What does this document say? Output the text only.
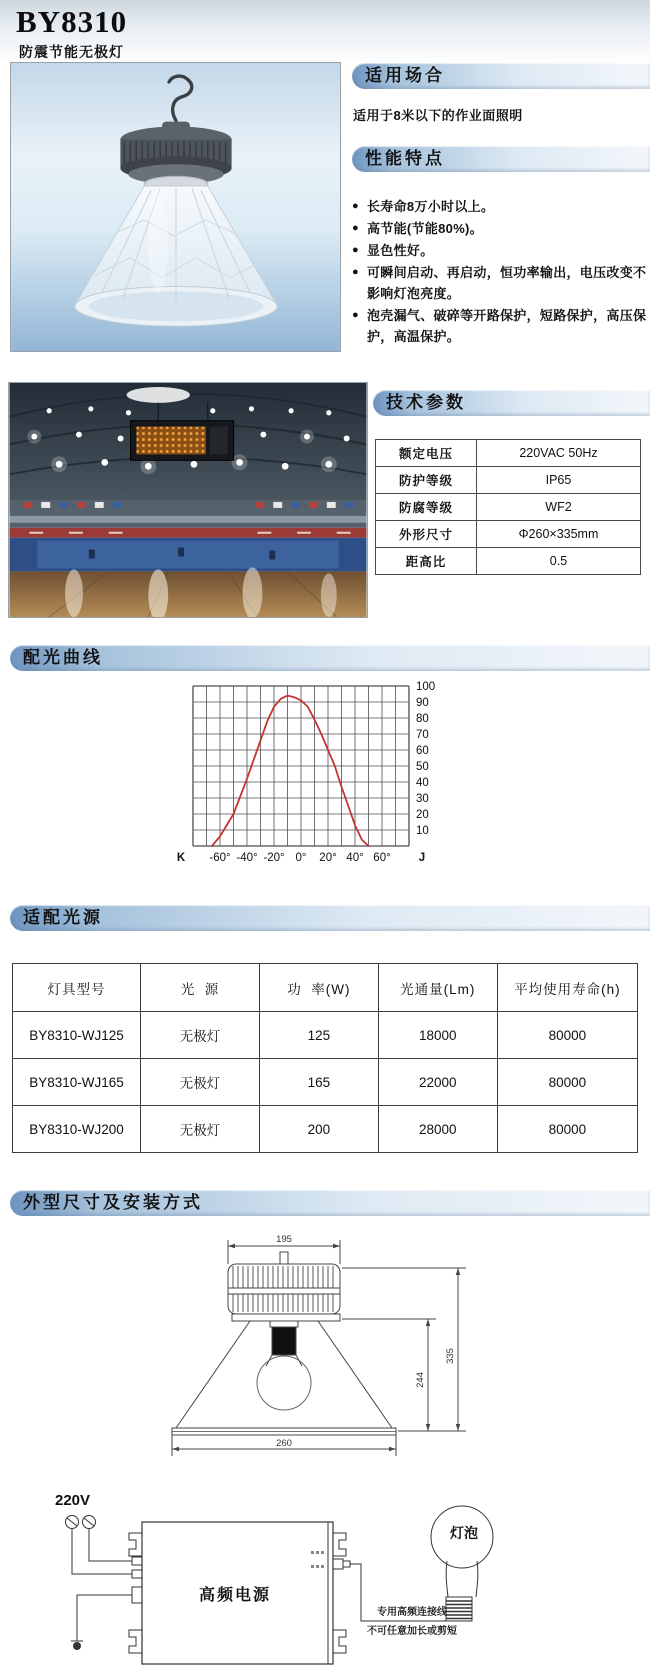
BY8310
防震节能无极灯
适用场合
适用于8米以下的作业面照明
性能特点
● 长寿命8万小时以上。
● 高节能(节能80%)。
● 显色性好。
● 可瞬间启动、再启动，恒功率输出，电压改变不影响灯泡亮度。
● 泡壳漏气、破碎等开路保护，短路保护，高压保护，高温保护。
技术参数
额定电压	220VAC 50Hz
防护等级	IP65
防腐等级	WF2
外形尺寸	Φ260×335mm
距高比	0.5
配光曲线
100
90
80
70
60
50
40
30
20
10
-60° -40° -20° 0° 20° 40° 60°
K	J
适配光源
灯具型号	光  源	功  率(W)	光通量(Lm)	平均使用寿命(h)
BY8310-WJ125	无极灯	125	18000	80000
BY8310-WJ165	无极灯	165	22000	80000
BY8310-WJ200	无极灯	200	28000	80000
外型尺寸及安装方式
195
260
335
244
220V
高频电源
灯泡
专用高频连接线
不可任意加长或剪短
